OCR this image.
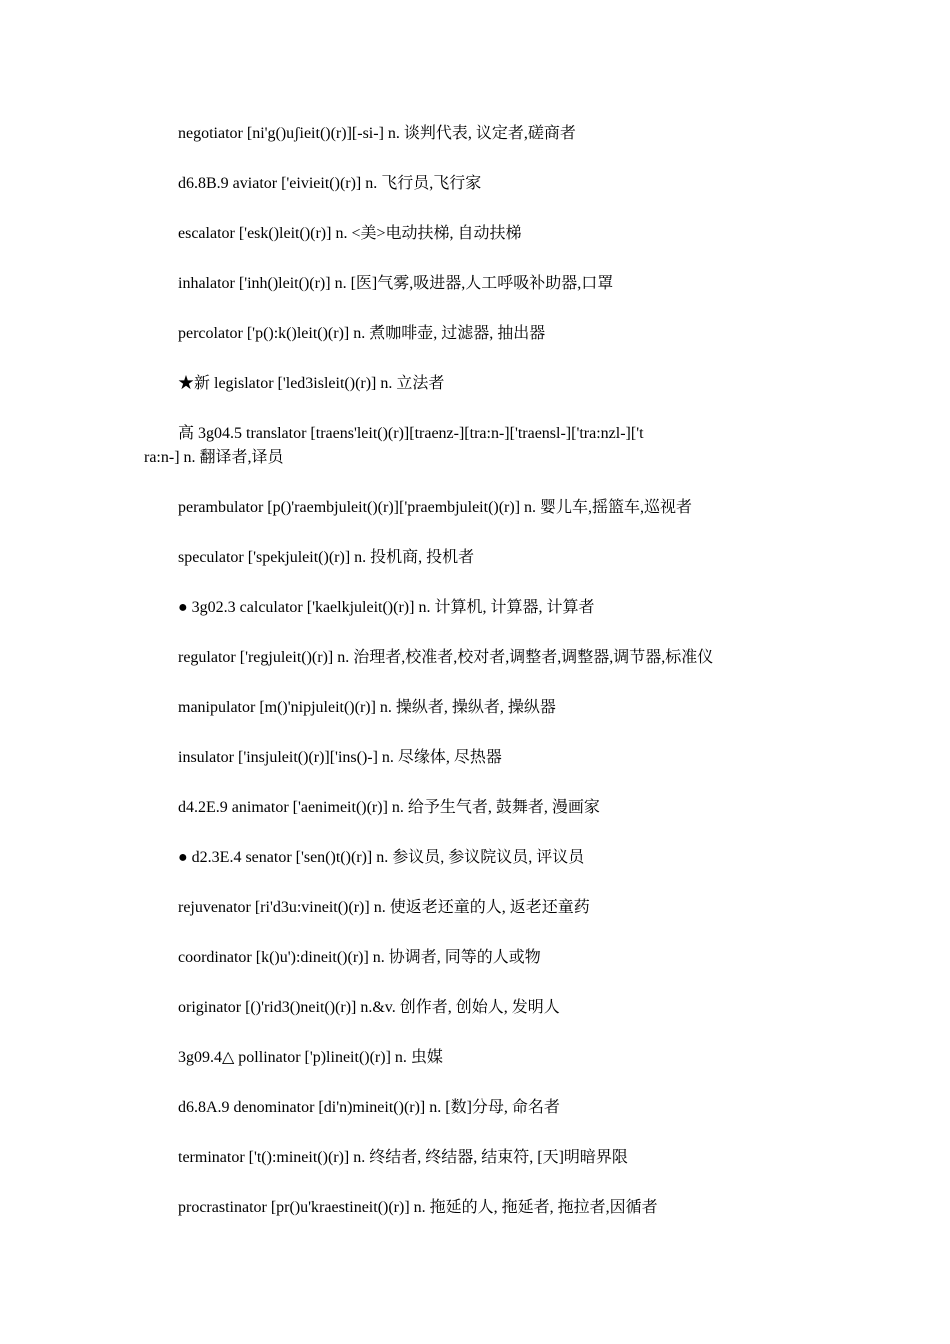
negotiator [ni'g()uʃieit()(r)][-si-] n. 谈判代表, 议定者,磋商者
d6.8B.9 aviator ['eivieit()(r)] n. 飞行员,飞行家
escalator ['esk()leit()(r)] n. <美>电动扶梯, 自动扶梯
inhalator ['inh()leit()(r)] n. [医]气雾,吸进器,人工呼吸补助器,口罩
percolator ['p():k()leit()(r)] n. 煮咖啡壶, 过滤器, 抽出器
★新 legislator ['led3isleit()(r)] n. 立法者
高 3g04.5 translator [traens'leit()(r)][traenz-][tra:n-]['traensl-]['tra:nzl-]['tra:n-] n. 翻译者,译员
perambulator [p()'raembjuleit()(r)]['praembjuleit()(r)] n. 婴儿车,摇篮车,巡视者
speculator ['spekjuleit()(r)] n. 投机商, 投机者
● 3g02.3 calculator ['kaelkjuleit()(r)] n. 计算机, 计算器, 计算者
regulator ['regjuleit()(r)] n. 治理者,校准者,校对者,调整者,调整器,调节器,标准仪
manipulator [m()'nipjuleit()(r)] n. 操纵者, 操纵者, 操纵器
insulator ['insjuleit()(r)]['ins()-] n. 尽缘体, 尽热器
d4.2E.9 animator ['aenimeit()(r)] n. 给予生气者, 鼓舞者, 漫画家
● d2.3E.4 senator ['sen()t()(r)] n. 参议员, 参议院议员, 评议员
rejuvenator [ri'd3u:vineit()(r)] n. 使返老还童的人, 返老还童药
coordinator [k()u'):dineit()(r)] n. 协调者, 同等的人或物
originator [()'rid3()neit()(r)] n.&v. 创作者, 创始人, 发明人
3g09.4△ pollinator ['p)lineit()(r)] n. 虫媒
d6.8A.9 denominator [di'n)mineit()(r)] n. [数]分母, 命名者
terminator ['t():mineit()(r)] n. 终结者, 终结器, 结束符, [天]明暗界限
procrastinator [pr()u'kraestineit()(r)] n. 拖延的人, 拖延者, 拖拉者,因循者
